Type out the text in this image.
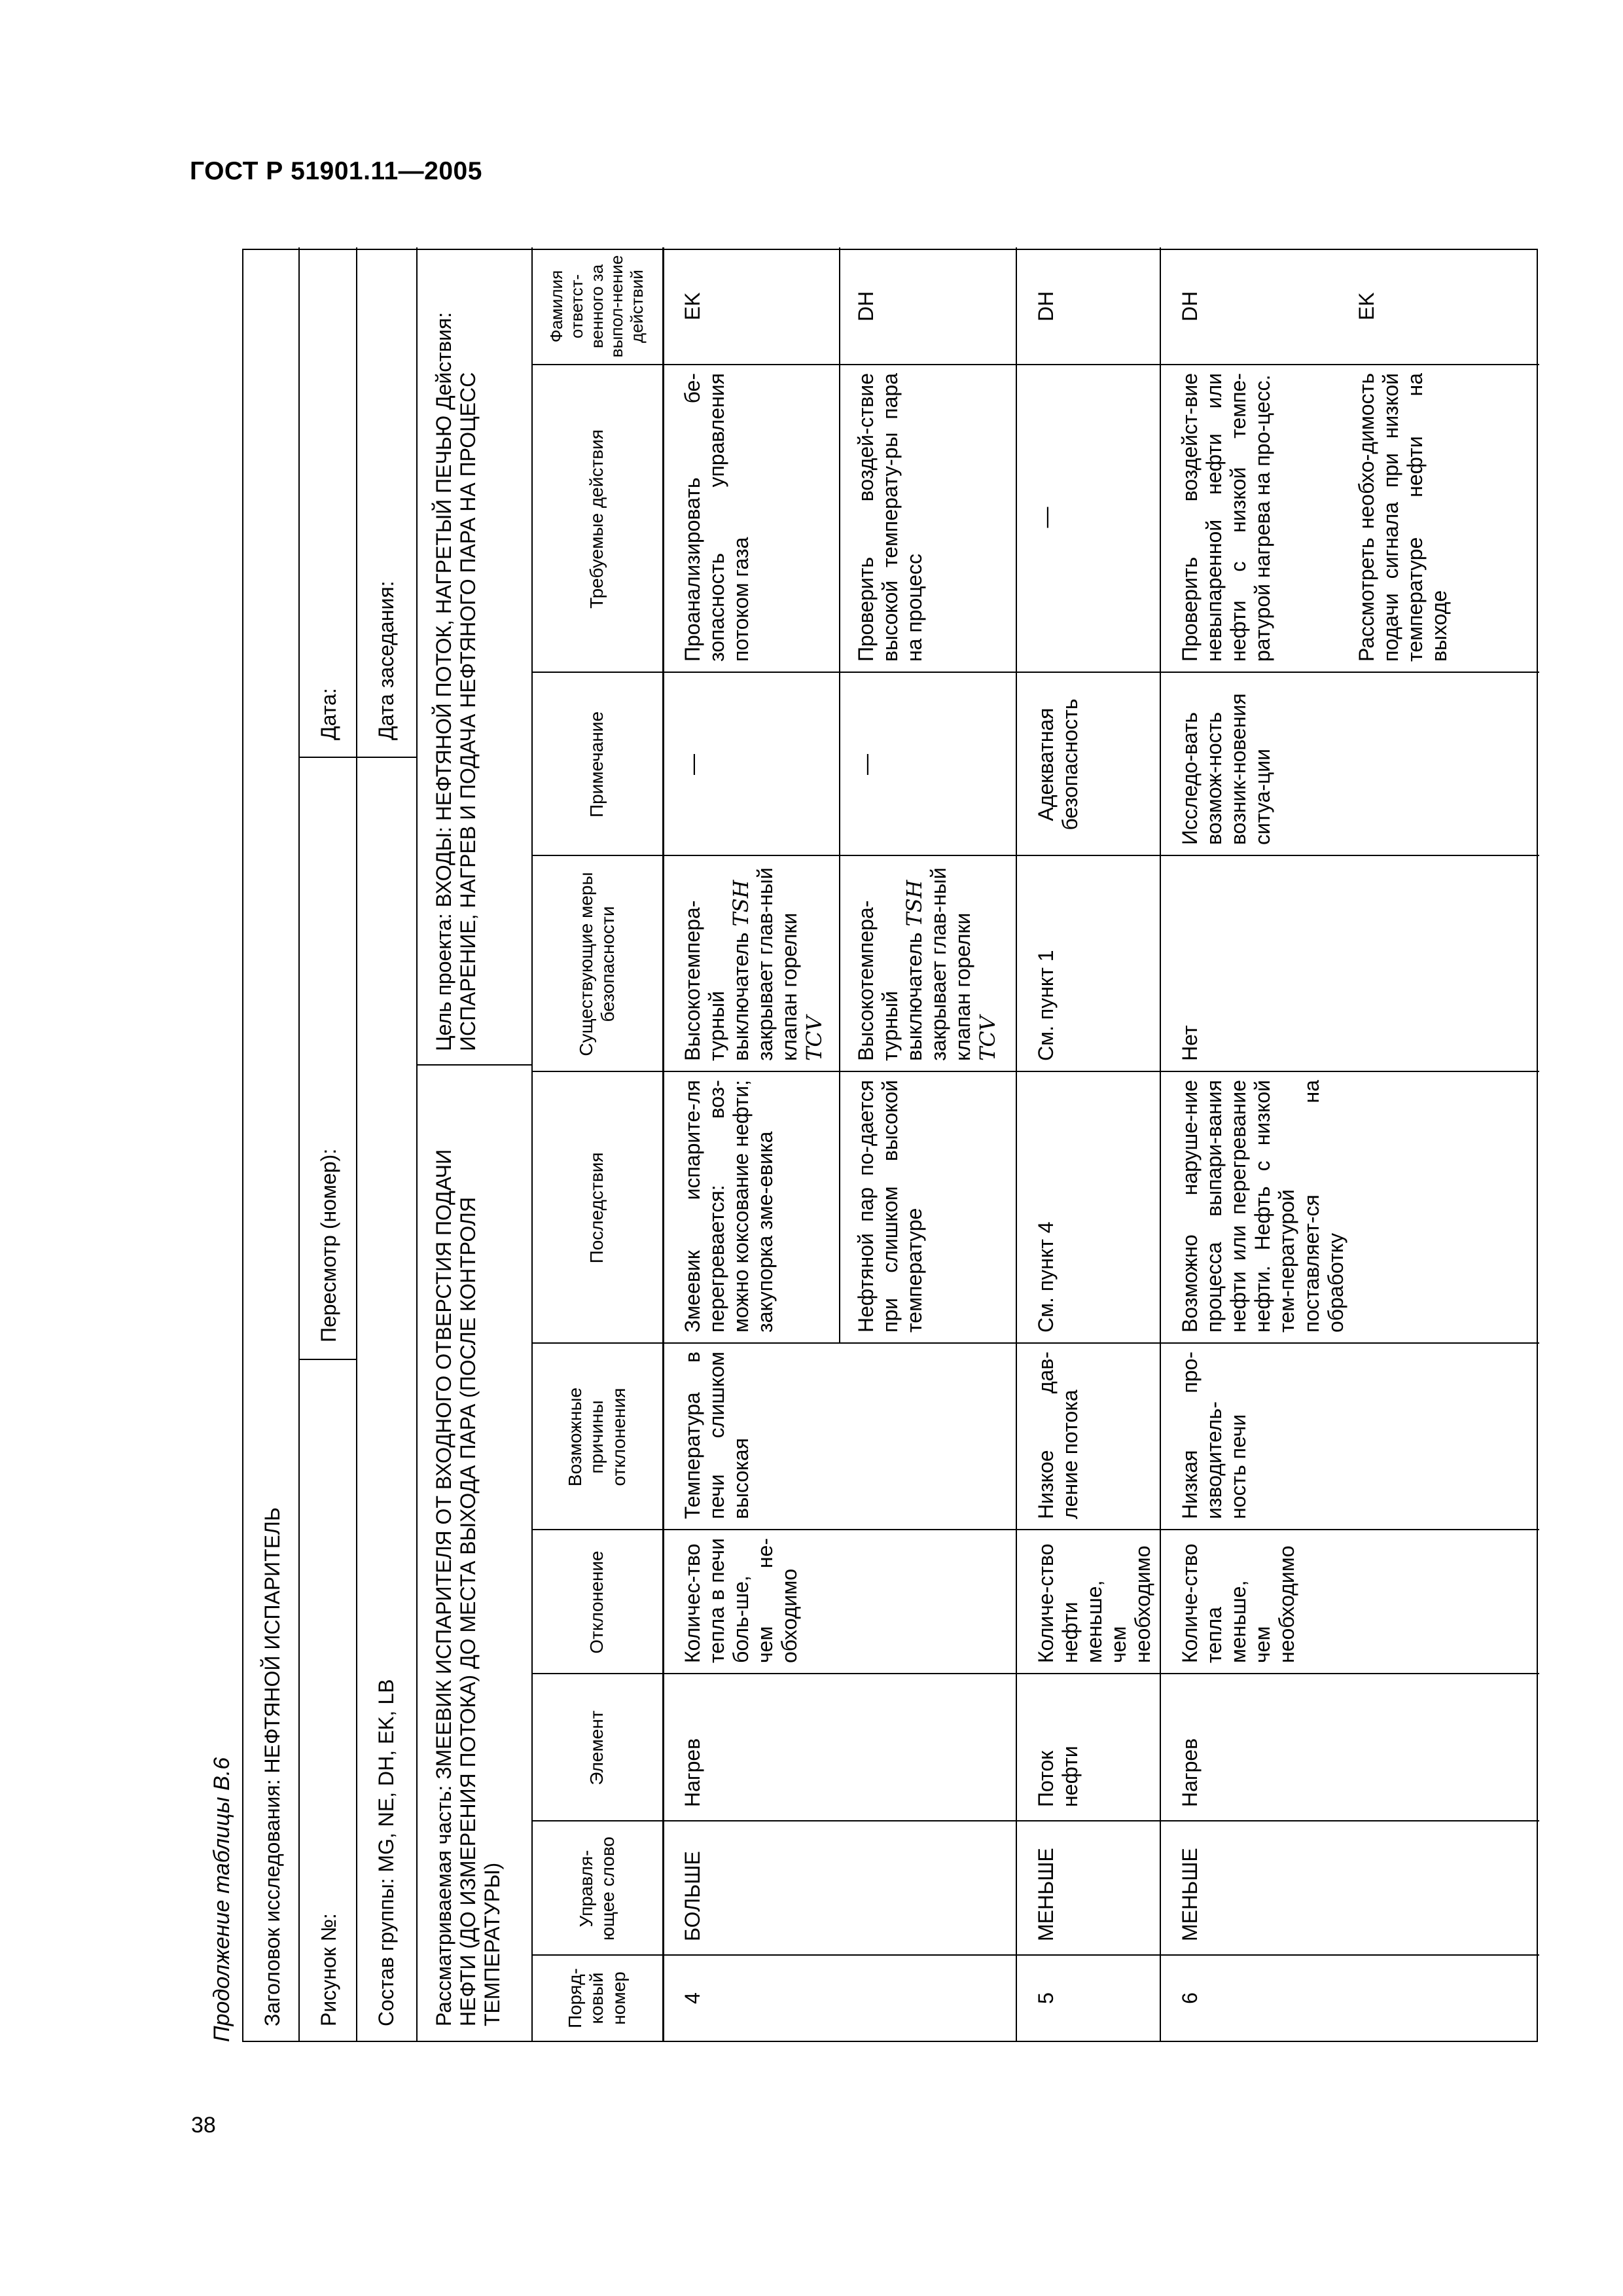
ГОСТ Р 51901.11—2005
38
Продолжение таблицы В.6 Заголовок исследования: НЕФТЯНОЙ ИСПАРИТЕЛЬ Рисунок №:
Пересмотр (номер):
Дата:
Состав группы: MG, NE, DH, EK, LB
Дата заседания:
Рассматриваемая часть: ЗМЕЕВИК ИСПАРИТЕЛЯ ОТ ВХОДНОГО ОТВЕРСТИЯ ПОДАЧИ НЕФТИ (ДО ИЗМЕРЕНИЯ ПОТОКА) ДО МЕСТА ВЫХОДА ПАРА (ПОСЛЕ КОНТРОЛЯ ТЕМПЕРАТУРЫ)
Цель проекта: ВХОДЫ: НЕФТЯНОЙ ПОТОК, НАГРЕТЫЙ ПЕЧЬЮ Действия: ИСПАРЕНИЕ, НАГРЕВ И ПОДАЧА НЕФТЯНОГО ПАРА НА ПРОЦЕСС
Поряд-ковый номер
Управля-ющее слово
Элемент
Отклонение
Возможные причины отклонения
Последствия
Существующие меры безопасности
Примечание
Требуемые действия
Фамилия ответст-венного за выпол-нение действий
4
БОЛЬШЕ
Нагрев
Количес-тво тепла в печи боль-ше, чем не-обходимо
Температура в печи слишком высокая
Змеевик испарите-ля перегревается: воз-можно коксование нефти; закупорка зме-евика
Высокотемпера-турный выключатель TSH закрывает глав-ный клапан горелки TCV
—
Проанализировать бе-зопасность управления потоком газа
EK
Нефтяной пар по-дается при слишком высокой температуре
Высокотемпера-турный выключатель TSH закрывает глав-ный клапан горелки TCV
—
Проверить воздей-ствие высокой температу-ры пара на процесс
DH
5
МЕНЬШЕ
Поток нефти
Количе-ство нефти меньше, чем необходимо
Низкое дав-ление потока
См. пункт 4
См. пункт 1
Адекватная безопасность
—
DH
6
МЕНЬШЕ
Нагрев
Количе-ство тепла меньше, чем необходимо
Низкая про-изводитель-ность печи
Возможно наруше-ние процесса выпари-вания нефти или перегревание нефти. Нефть с низкой тем-пературой поставляет-ся на обработку
Нет
Исследо-вать возмож-ность возник-новения ситуа-ции
Проверить воздейст-вие невыпаренной нефти или нефти с низкой темпе-ратурой нагрева на про-цесс.	Рассмотреть необхо-димость подачи сигнала при низкой температуре нефти на выходе
DH	EK
